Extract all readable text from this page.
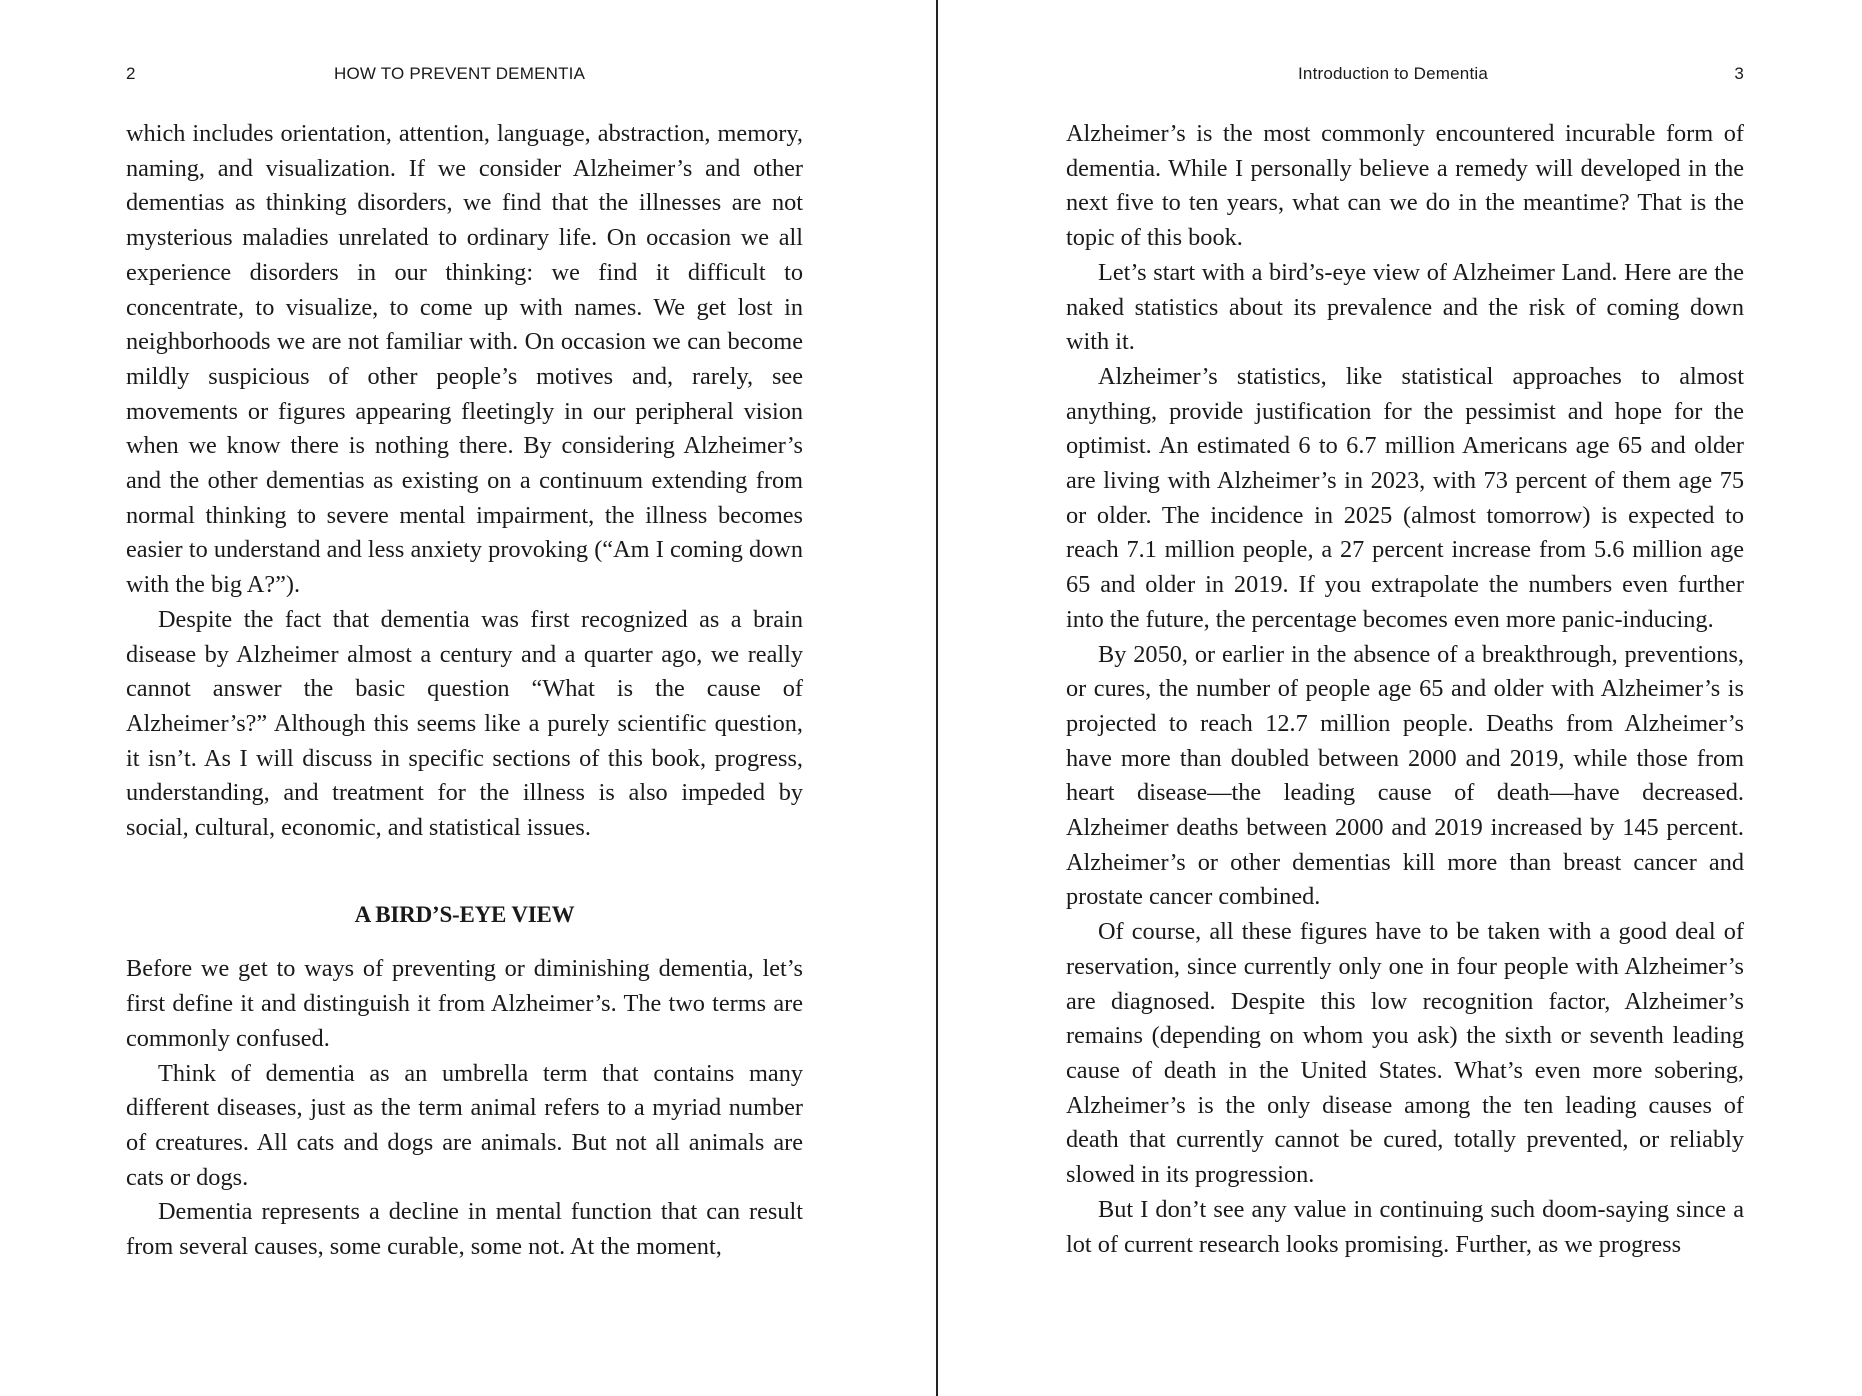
2	HOW TO PREVENT DEMENTIA

which includes orientation, attention, language, abstraction, memory, naming, and visualization. If we consider Alzheimer’s and other dementias as thinking disorders, we find that the illnesses are not mysterious maladies unrelated to ordinary life. On occasion we all experience disorders in our thinking: we find it difficult to concentrate, to visualize, to come up with names. We get lost in neighborhoods we are not familiar with. On occasion we can become mildly suspicious of other people’s motives and, rarely, see movements or figures appearing fleetingly in our peripheral vision when we know there is nothing there. By considering Alzheimer’s and the other dementias as existing on a continuum extending from normal thinking to severe mental impairment, the illness becomes easier to understand and less anxiety provoking (“Am I coming down with the big A?”).

Despite the fact that dementia was first recognized as a brain disease by Alzheimer almost a century and a quarter ago, we really cannot answer the basic question “What is the cause of Alzheimer’s?” Although this seems like a purely scientific question, it isn’t. As I will discuss in specific sections of this book, progress, understanding, and treatment for the illness is also impeded by social, cultural, economic, and statistical issues.

A BIRD’S-EYE VIEW

Before we get to ways of preventing or diminishing dementia, let’s first define it and distinguish it from Alzheimer’s. The two terms are commonly confused.

Think of dementia as an umbrella term that contains many different diseases, just as the term animal refers to a myriad number of creatures. All cats and dogs are animals. But not all animals are cats or dogs.

Dementia represents a decline in mental function that can result from several causes, some curable, some not. At the moment,

Introduction to Dementia	3

Alzheimer’s is the most commonly encountered incurable form of dementia. While I personally believe a remedy will developed in the next five to ten years, what can we do in the meantime? That is the topic of this book.

Let’s start with a bird’s-eye view of Alzheimer Land. Here are the naked statistics about its prevalence and the risk of coming down with it.

Alzheimer’s statistics, like statistical approaches to almost anything, provide justification for the pessimist and hope for the optimist. An estimated 6 to 6.7 million Americans age 65 and older are living with Alzheimer’s in 2023, with 73 percent of them age 75 or older. The incidence in 2025 (almost tomorrow) is expected to reach 7.1 million people, a 27 percent increase from 5.6 million age 65 and older in 2019. If you extrapolate the numbers even further into the future, the percentage becomes even more panic-inducing.

By 2050, or earlier in the absence of a breakthrough, preventions, or cures, the number of people age 65 and older with Alzheimer’s is projected to reach 12.7 million people. Deaths from Alzheimer’s have more than doubled between 2000 and 2019, while those from heart disease—the leading cause of death—have decreased. Alzheimer deaths between 2000 and 2019 increased by 145 percent. Alzheimer’s or other dementias kill more than breast cancer and prostate cancer combined.

Of course, all these figures have to be taken with a good deal of reservation, since currently only one in four people with Alzheimer’s are diagnosed. Despite this low recognition factor, Alzheimer’s remains (depending on whom you ask) the sixth or seventh leading cause of death in the United States. What’s even more sobering, Alzheimer’s is the only disease among the ten leading causes of death that currently cannot be cured, totally prevented, or reliably slowed in its progression.

But I don’t see any value in continuing such doom-saying since a lot of current research looks promising. Further, as we progress
